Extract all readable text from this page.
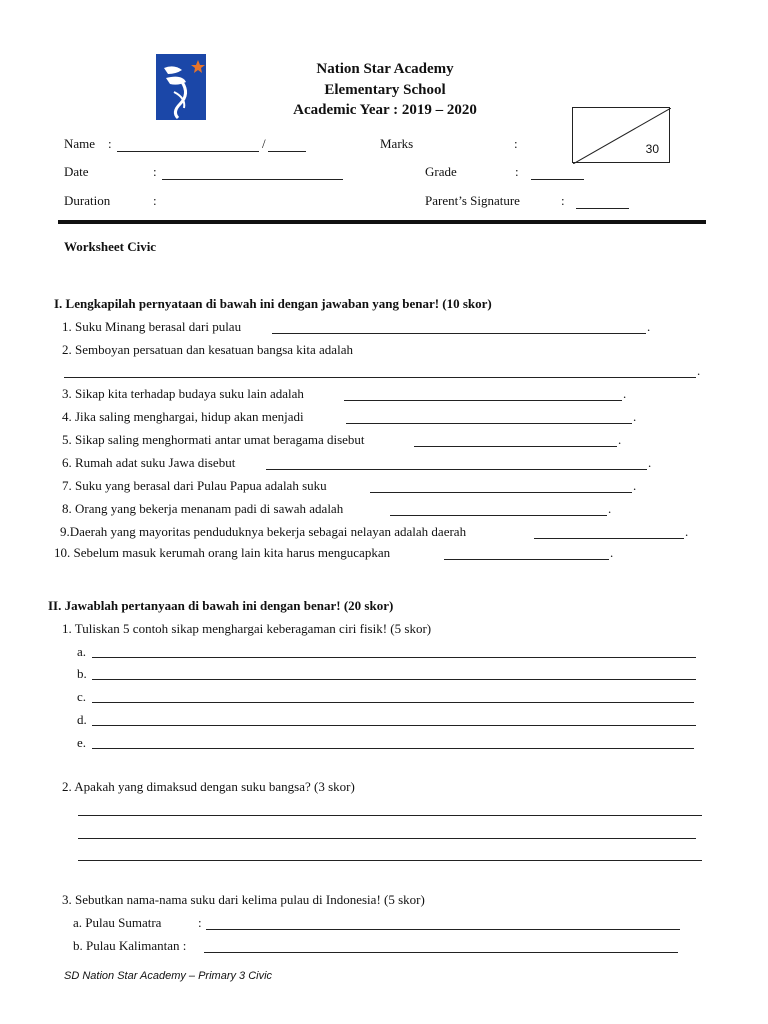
Nation Star Academy
Elementary School
Academic Year : 2019 – 2020
30
Name :	/	Marks	:
Date	:	Grade	:
Duration	:	Parent’s Signature	:
Worksheet Civic
I. Lengkapilah pernyataan di bawah ini dengan jawaban yang benar! (10 skor)
1. Suku Minang berasal dari pulau	.
2. Semboyan persatuan dan kesatuan bangsa kita adalah
.
3. Sikap kita terhadap budaya suku lain adalah	.
4. Jika saling menghargai, hidup akan menjadi	.
5. Sikap saling menghormati antar umat beragama disebut	.
6. Rumah adat suku Jawa disebut	.
7. Suku yang berasal dari Pulau Papua adalah suku	.
8. Orang yang bekerja menanam padi di sawah adalah	.
9.Daerah yang mayoritas penduduknya bekerja sebagai nelayan adalah daerah	.
10. Sebelum masuk kerumah orang lain kita harus mengucapkan	.
II. Jawablah pertanyaan di bawah ini dengan benar! (20 skor)
1. Tuliskan 5 contoh sikap menghargai keberagaman ciri fisik! (5 skor)
a.
b.
c.
d.
e.
2. Apakah yang dimaksud dengan suku bangsa? (3 skor)
3. Sebutkan nama-nama suku dari kelima pulau di Indonesia! (5 skor)
a. Pulau Sumatra	:
b. Pulau Kalimantan :
SD Nation Star Academy – Primary 3 Civic
